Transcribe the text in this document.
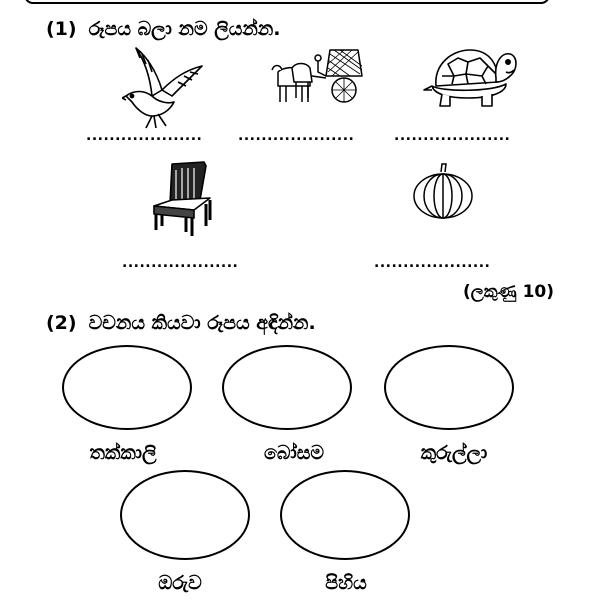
(1) රූපය බලා නම ලියන්න.
....................	....................	....................
....................	....................
(ලකුණු 10)
(2) වචනය කියවා රූපය අඳින්න.
තක්කාලි	බෝසම	කුරුල්ලා
ඔරුව	පිහිය
